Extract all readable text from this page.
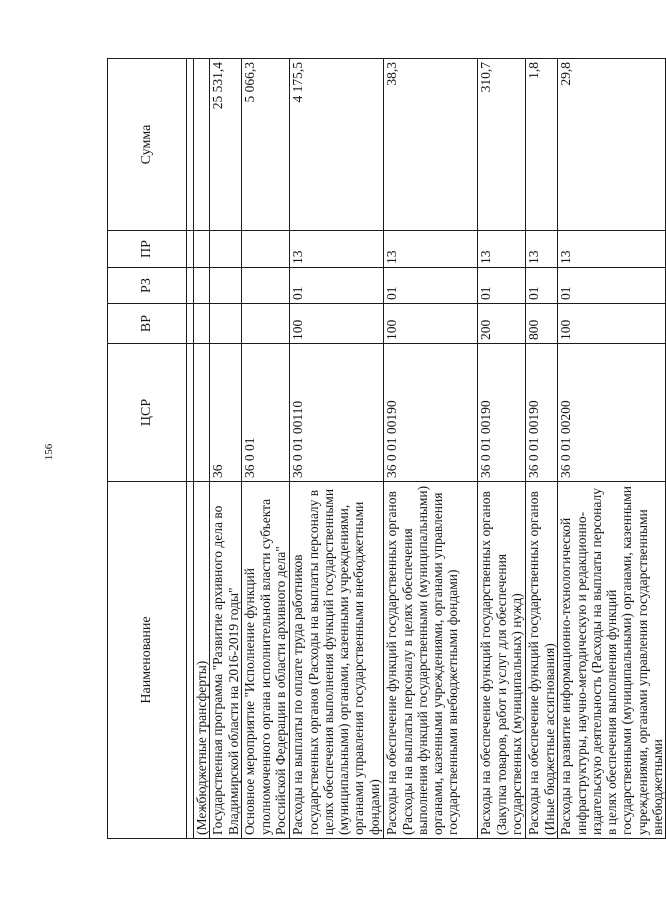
156
Наименование	ЦСР	ВР	РЗ	ПР	Сумма

(Межбюджетные трансферты)					
Государственная программа "Развитие архивного дела во Владимирской области на 2016-2019 годы"	36				25 531,4
Основное мероприятие "Исполнение функций уполномоченного органа исполнительной власти субъекта Российской Федерации в области архивного дела"	36 0 01				5 066,3
Расходы на выплаты по оплате труда работников государственных органов (Расходы на выплаты персоналу в целях обеспечения выполнения функций государственными (муниципальными) органами, казенными учреждениями, органами управления государственными внебюджетными фондами)	36 0 01 00110	100	01	13	4 175,5
Расходы на обеспечение функций государственных органов (Расходы на выплаты персоналу в целях обеспечения выполнения функций государственными (муниципальными) органами, казенными учреждениями, органами управления государственными внебюджетными фондами)	36 0 01 00190	100	01	13	38,3
Расходы на обеспечение функций государственных органов (Закупка товаров, работ и услуг для обеспечения государственных (муниципальных) нужд)	36 0 01 00190	200	01	13	310,7
Расходы на обеспечение функций государственных органов (Иные бюджетные ассигнования)	36 0 01 00190	800	01	13	1,8
Расходы на развитие информационно-технологической инфраструктуры, научно-методическую и редакционно-издательскую деятельность (Расходы на выплаты персоналу в целях обеспечения выполнения функций государственными (муниципальными) органами, казенными учреждениями, органами управления государственными внебюджетными	36 0 01 00200	100	01	13	29,8
